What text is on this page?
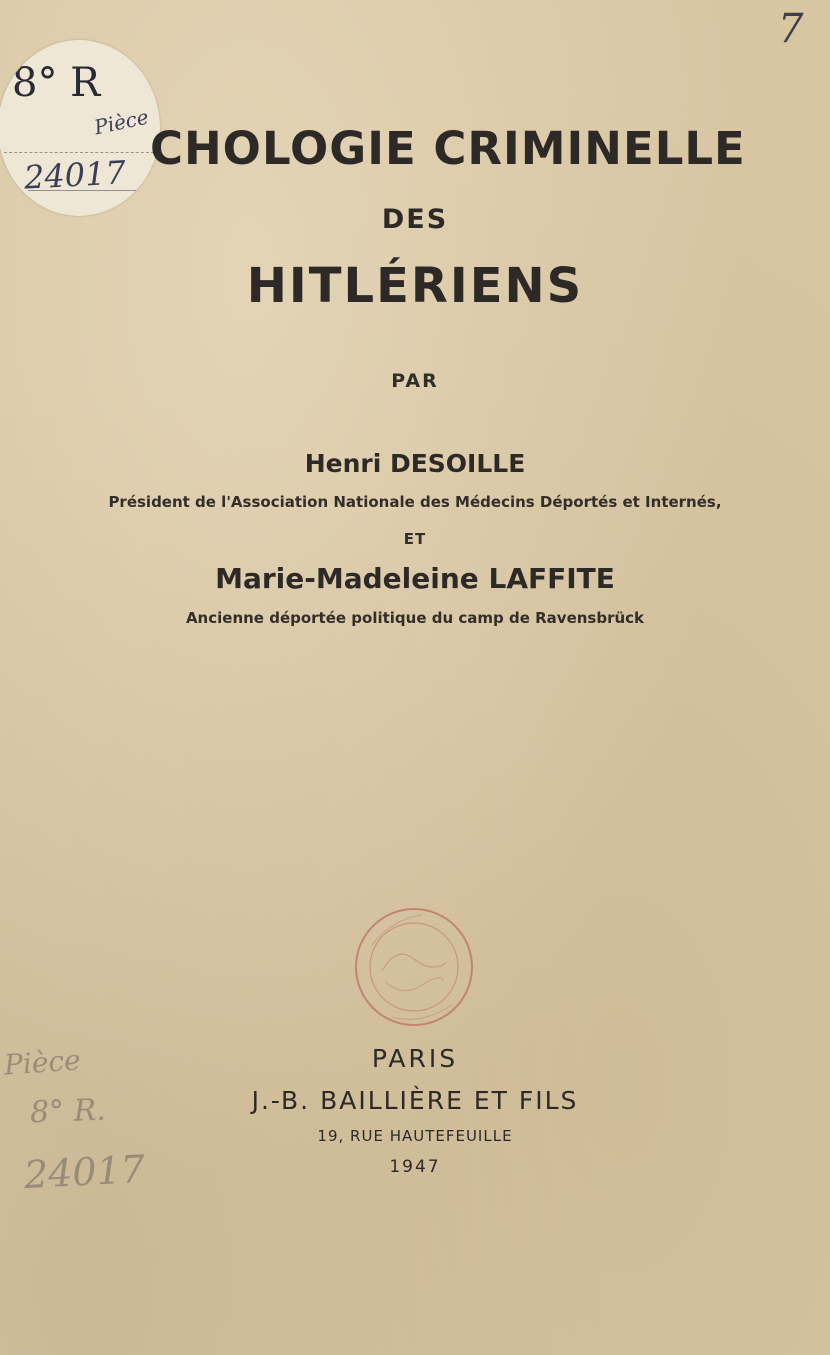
8° R

Pièce

24017

7

CHOLOGIE CRIMINELLE
DES
HITLÉRIENS

PAR

Henri DESOILLE

Président de l'Association Nationale des Médecins Déportés et Internés,

ET

Marie-Madeleine LAFFITE

Ancienne déportée politique du camp de Ravensbrück

Pièce

8° R.

24017

PARIS

J.-B. BAILLIÈRE ET FILS

19, RUE HAUTEFEUILLE

1947
